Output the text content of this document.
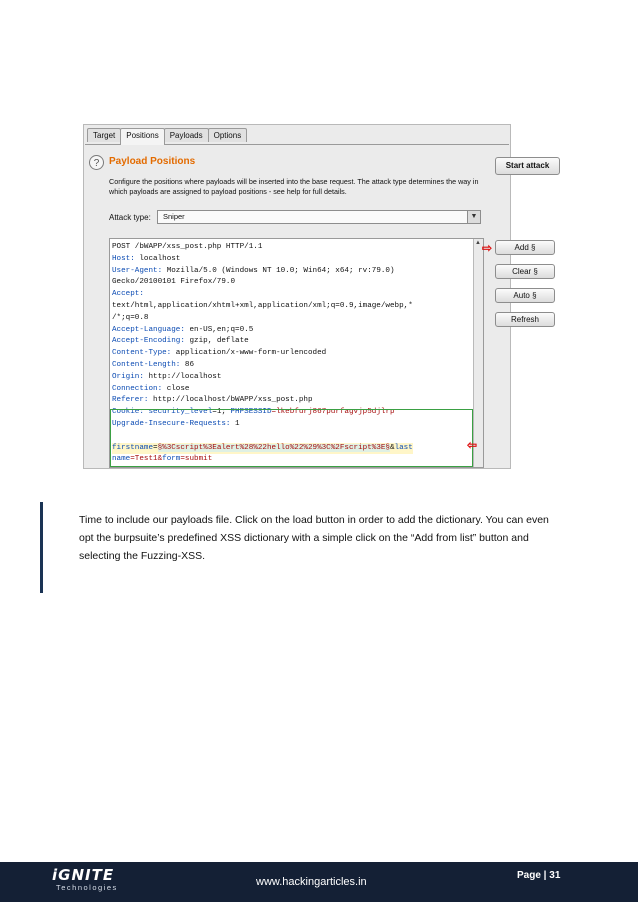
Target	Positions	Payloads	Options
? Payload Positions
Configure the positions where payloads will be inserted into the base request. The attack type determines the way in which payloads are assigned to payload positions - see help for full details.
Start attack
Attack type:	Sniper	▼
POST /bWAPP/xss_post.php HTTP/1.1
Host: localhost
User-Agent: Mozilla/5.0 (Windows NT 10.0; Win64; x64; rv:79.0)
Gecko/20100101 Firefox/79.0
Accept:
text/html,application/xhtml+xml,application/xml;q=0.9,image/webp,*
/*;q=0.8
Accept-Language: en-US,en;q=0.5
Accept-Encoding: gzip, deflate
Content-Type: application/x-www-form-urlencoded
Content-Length: 86
Origin: http://localhost
Connection: close
Referer: http://localhost/bWAPP/xss_post.php
Cookie: security_level=1; PHPSESSID=lkebfurj867purfagvjp5djlrp
Upgrade-Insecure-Requests: 1

firstname=§%3Cscript%3Ealert%28%22hello%22%29%3C%2Fscript%3E§&last
name=Test1&form=submit
▲ ⇨
⇦
Add §
Clear §
Auto §
Refresh
Time to include our payloads file. Click on the load button in order to add the dictionary. You can even opt the burpsuite’s predefined XSS dictionary with a simple click on the “Add from list” button and selecting the Fuzzing-XSS.
iGNITE
Technologies	www.hackingarticles.in
Page | 31
